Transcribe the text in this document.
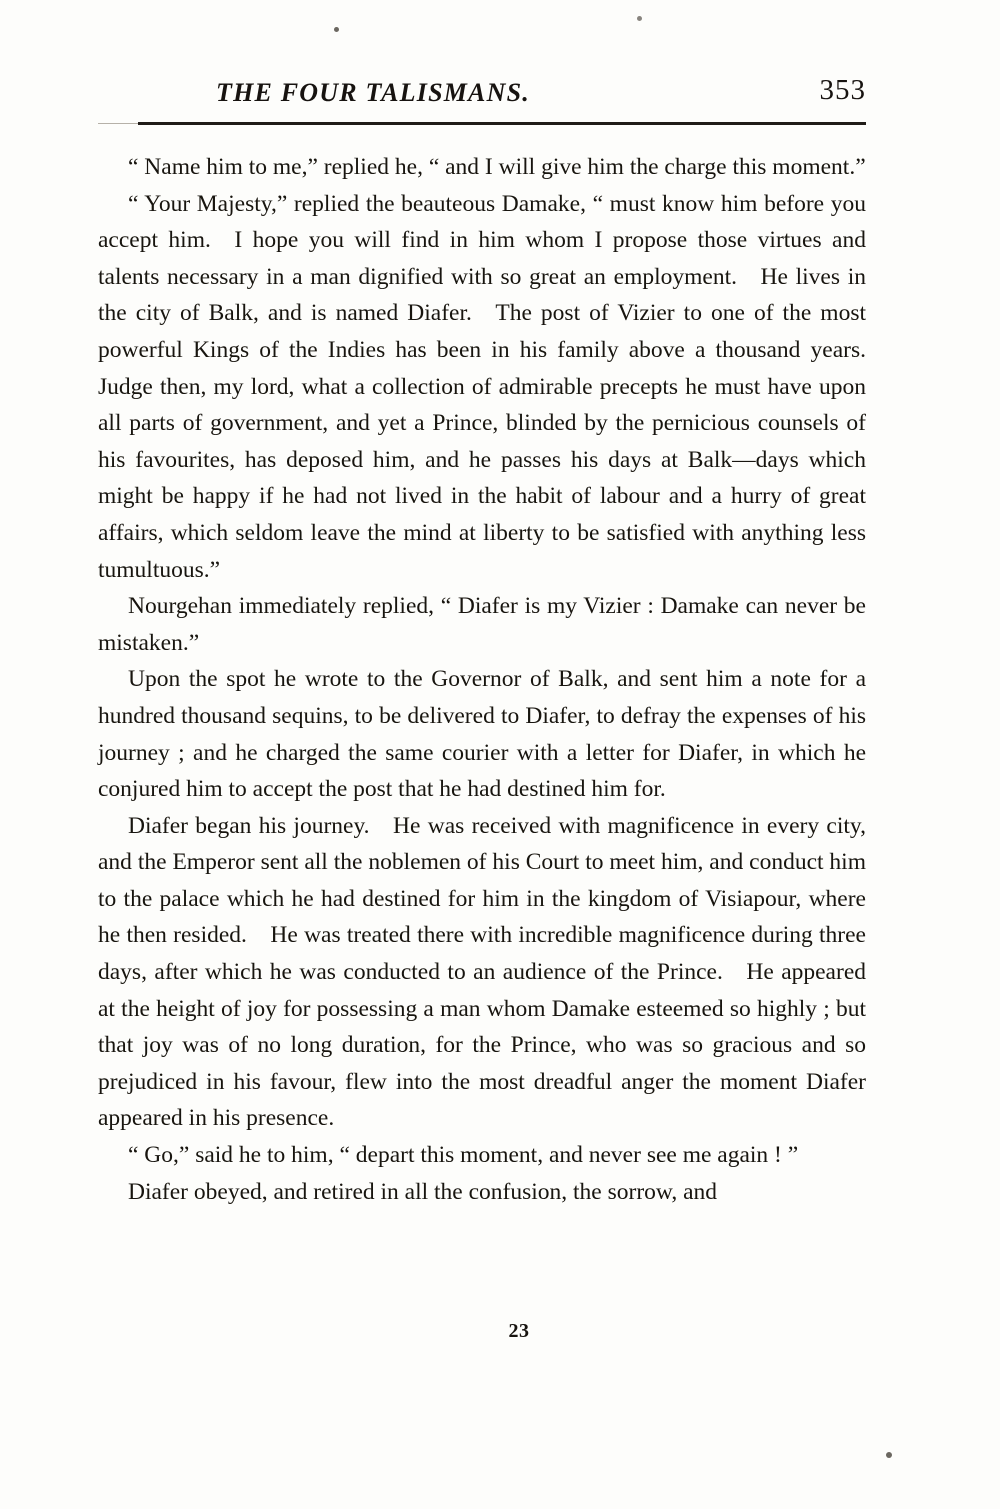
THE FOUR TALISMANS.	353

“ Name him to me,” replied he, “ and I will give him the charge this moment.”

“ Your Majesty,” replied the beauteous Damake, “ must know him before you accept him. I hope you will find in him whom I propose those virtues and talents necessary in a man dignified with so great an employment. He lives in the city of Balk, and is named Diafer. The post of Vizier to one of the most powerful Kings of the Indies has been in his family above a thousand years. Judge then, my lord, what a collection of admirable precepts he must have upon all parts of government, and yet a Prince, blinded by the pernicious counsels of his favourites, has deposed him, and he passes his days at Balk—days which might be happy if he had not lived in the habit of labour and a hurry of great affairs, which seldom leave the mind at liberty to be satisfied with anything less tumultuous.”

Nourgehan immediately replied, “ Diafer is my Vizier : Damake can never be mistaken.”

Upon the spot he wrote to the Governor of Balk, and sent him a note for a hundred thousand sequins, to be delivered to Diafer, to defray the expenses of his journey ; and he charged the same courier with a letter for Diafer, in which he conjured him to accept the post that he had destined him for.

Diafer began his journey. He was received with magnificence in every city, and the Emperor sent all the noblemen of his Court to meet him, and conduct him to the palace which he had destined for him in the kingdom of Visiapour, where he then resided. He was treated there with incredible magnificence during three days, after which he was conducted to an audience of the Prince. He appeared at the height of joy for possessing a man whom Damake esteemed so highly ; but that joy was of no long duration, for the Prince, who was so gracious and so prejudiced in his favour, flew into the most dreadful anger the moment Diafer appeared in his presence.

“ Go,” said he to him, “ depart this moment, and never see me again ! ”

Diafer obeyed, and retired in all the confusion, the sorrow, and

23
